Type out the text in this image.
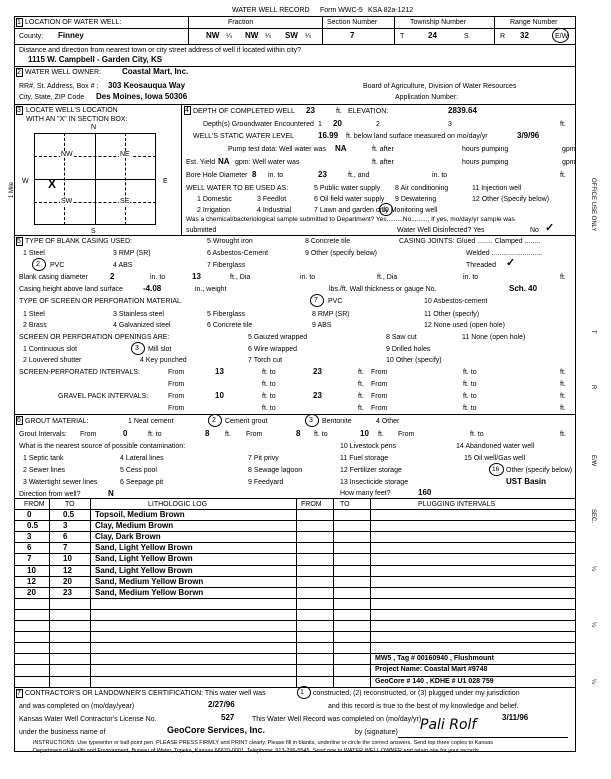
WATER WELL RECORD Form WWC-5 KSA 82a-1212
1 LOCATION OF WATER WELL:	Fraction	Section Number	Township Number	Range Number
County: Finney	NW ¼ NW ¼ SW ¼	7	T	24	S	R 32	E/W
Distance and direction from nearest town or city street address of well if located within city?
1115 W. Campbell - Garden City, KS
2 WATER WELL OWNER:	Coastal Mart, Inc.
RR#, St. Address, Box # : 303 Keosauqua Way	Board of Agriculture, Division of Water Resources
City, State, ZIP Code Des Moines, Iowa 50306	Application Number:
3 LOCATE WELL'S LOCATION
WITH AN "X" IN SECTION BOX:
N
S
W	E
1 Mile
NW	NE
SW	SE
X
4 DEPTH OF COMPLETED WELL 23	ft. ELEVATION:	2839.64
Depth(s) Groundwater Encountered 1 20	2	3	ft.
WELL'S STATIC WATER LEVEL	16.99 ft. below land surface measured on mo/day/yr	3/9/96
Pump test data: Well water was NA	ft. after	hours pumping	gpm
Est. Yield NA gpm: Well water was	ft. after	hours pumping	gpm
Bore Hole Diameter 8 in. to	23	ft., and	in. to	ft.
WELL WATER TO BE USED AS:	5 Public water supply 8 Air conditioning	11 Injection well
1 Domestic	3 Feedlot	6 Oil field water supply 9 Dewatering	12 Other (Specify below)
2 Irrigation	4 Industrial	7 Lawn and garden only
10 Monitoring well
Was a chemical/bacteriological sample submitted to Department? Yes.........No.........; If yes, mo/day/yr sample was
submitted	Water Well Disinfected? Yes	No ✓
5 TYPE OF BLANK CASING USED:
1 Steel	3 RMP (SR)
5 Wrought iron
6 Asbestos-Cement
8 Concrete tile
9 Other (specify below)
PVC
2	4 ABS	7 Fiberglass
CASING JOINTS: Glued ........ Clamped ........
Welded ..........................
Threaded ✓
Blank casing diameter	2	in. to	13	ft., Dia	in. to	ft., Dia	in. to	ft.
Casing height above land surface	-4.08	in., weight	lbs./ft. Wall thickness or gauge No.	Sch. 40
TYPE OF SCREEN OR PERFORATION MATERIAL	PVC
7	10 Asbestos-cement
1 Steel	3 Stainless steel	5 Fiberglass	8 RMP (SR)	11 Other (specify)
2 Brass	4 Galvanized steel	6 Concrete tile	9 ABS	12 None used (open hole)
SCREEN OR PERFORATION OPENINGS ARE:	5 Gauzed wrapped	8 Saw cut	11 None (open hole)
1 Continuous slot	Mill slot
3	6 Wire wrapped	9 Drilled holes
2 Louvered shutter	4 Key punched	7 Torch cut	10 Other (specify)
SCREEN-PERFORATED INTERVALS:	From	13	ft. to	23	ft. From	ft. to	ft.
From	ft. to	ft. From	ft. to	ft.
GRAVEL PACK INTERVALS:	From	10	ft. to	23	ft. From	ft. to	ft.
From	ft. to	ft. From	ft. to	ft.
6 GROUT MATERIAL:	1 Neat cement	Cement grout
2	Bentonite
3	4 Other
Grout Intervals: From	0	ft. to	8 ft. From	8 ft. to	10 ft. From	ft. to	ft.
What is the nearest source of possible contamination:	10 Livestock pens	14 Abandoned water well
1 Septic tank	4 Lateral lines	7 Pit privy	11 Fuel storage	15 Oil well/Gas well
2 Sewer lines	5 Cess pool	8 Sewage lagoon	12 Fertilizer storage	Other (specify below)
16
3 Watertight sewer lines	6 Seepage pit	9 Feedyard	13 Insecticide storage	UST Basin
Direction from well?	N	How many feet?	160
FROM	TO	LITHOLOGIC LOG	FROM	TO	PLUGGING INTERVALS
0	0.5	Topsoil, Medium Brown
0.5	3	Clay, Medium Brown
3	6	Clay, Dark Brown
6	7	Sand, Light Yellow Brown
7	10	Sand, Light Yellow Brown
10	12	Sand, Light Yellow Brown
12	20	Sand, Medium Yellow Brown
20	23	Sand, Medium Yellow Borwn
MW5 , Tag # 00160940 , Flushmount
Project Name: Coastal Mart #9748
GeoCore # 140 , KDHE # U1 028 759
7 CONTRACTOR'S OR LANDOWNER'S CERTIFICATION: This water well was	1 constructed, (2) reconstructed, or (3) plugged under my jurisdiction
and was completed on (mo/day/year)	2/27/96	and this record is true to the best of my knowledge and belief.
Kansas Water Well Contractor's License No.	527	This Water Well Record was completed on (mo/day/yr)	3/11/96
under the business name of	GeoCore Services, Inc.	by (signature) Pali Rolf
INSTRUCTIONS: Use typewriter or ball point pen. PLEASE PRESS FIRMLY and PRINT clearly. Please fill in blanks, underline or circle the correct answers. Send top three copies to Kansas
Department of Health and Environment, Bureau of Water, Topeka, Kansas 66620-0001. Telephone: 913-296-5545. Send one to WATER WELL OWNER and retain one for your records.
OFFICE USE ONLY
T
R
E/W
SEC.
¼
¼
¼
